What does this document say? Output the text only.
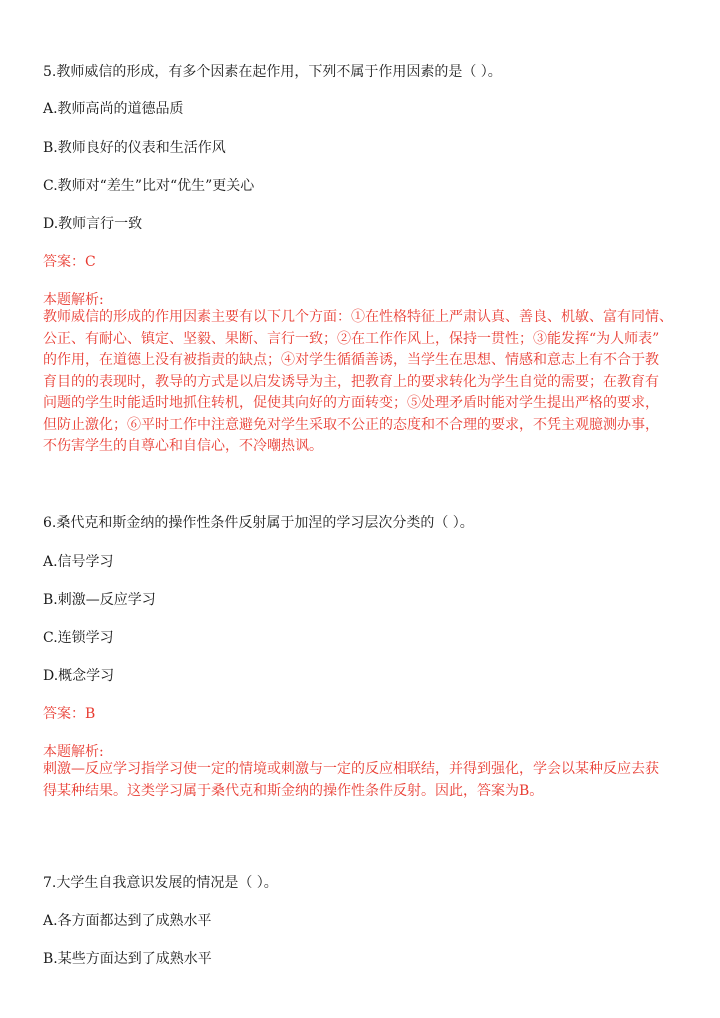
5.教师威信的形成，有多个因素在起作用，下列不属于作用因素的是（ ）。
A.教师高尚的道德品质
B.教师良好的仪表和生活作风
C.教师对“差生”比对“优生”更关心
D.教师言行一致
答案：C
本题解析:
教师威信的形成的作用因素主要有以下几个方面：①在性格特征上严肃认真、善良、机敏、富有同情、
公正、有耐心、镇定、坚毅、果断、言行一致；②在工作作风上，保持一贯性；③能发挥“为人师表”
的作用，在道德上没有被指责的缺点；④对学生循循善诱，当学生在思想、情感和意志上有不合于教
育目的的表现时，教导的方式是以启发诱导为主，把教育上的要求转化为学生自觉的需要；在教育有
问题的学生时能适时地抓住转机，促使其向好的方面转变；⑤处理矛盾时能对学生提出严格的要求，
但防止激化；⑥平时工作中注意避免对学生采取不公正的态度和不合理的要求，不凭主观臆测办事，
不伤害学生的自尊心和自信心，不冷嘲热讽。
6.桑代克和斯金纳的操作性条件反射属于加涅的学习层次分类的（ ）。
A.信号学习
B.刺激—反应学习
C.连锁学习
D.概念学习
答案：B
本题解析:
刺激—反应学习指学习使一定的情境或刺激与一定的反应相联结，并得到强化，学会以某种反应去获
得某种结果。这类学习属于桑代克和斯金纳的操作性条件反射。因此，答案为B。
7.大学生自我意识发展的情况是（ ）。
A.各方面都达到了成熟水平
B.某些方面达到了成熟水平
